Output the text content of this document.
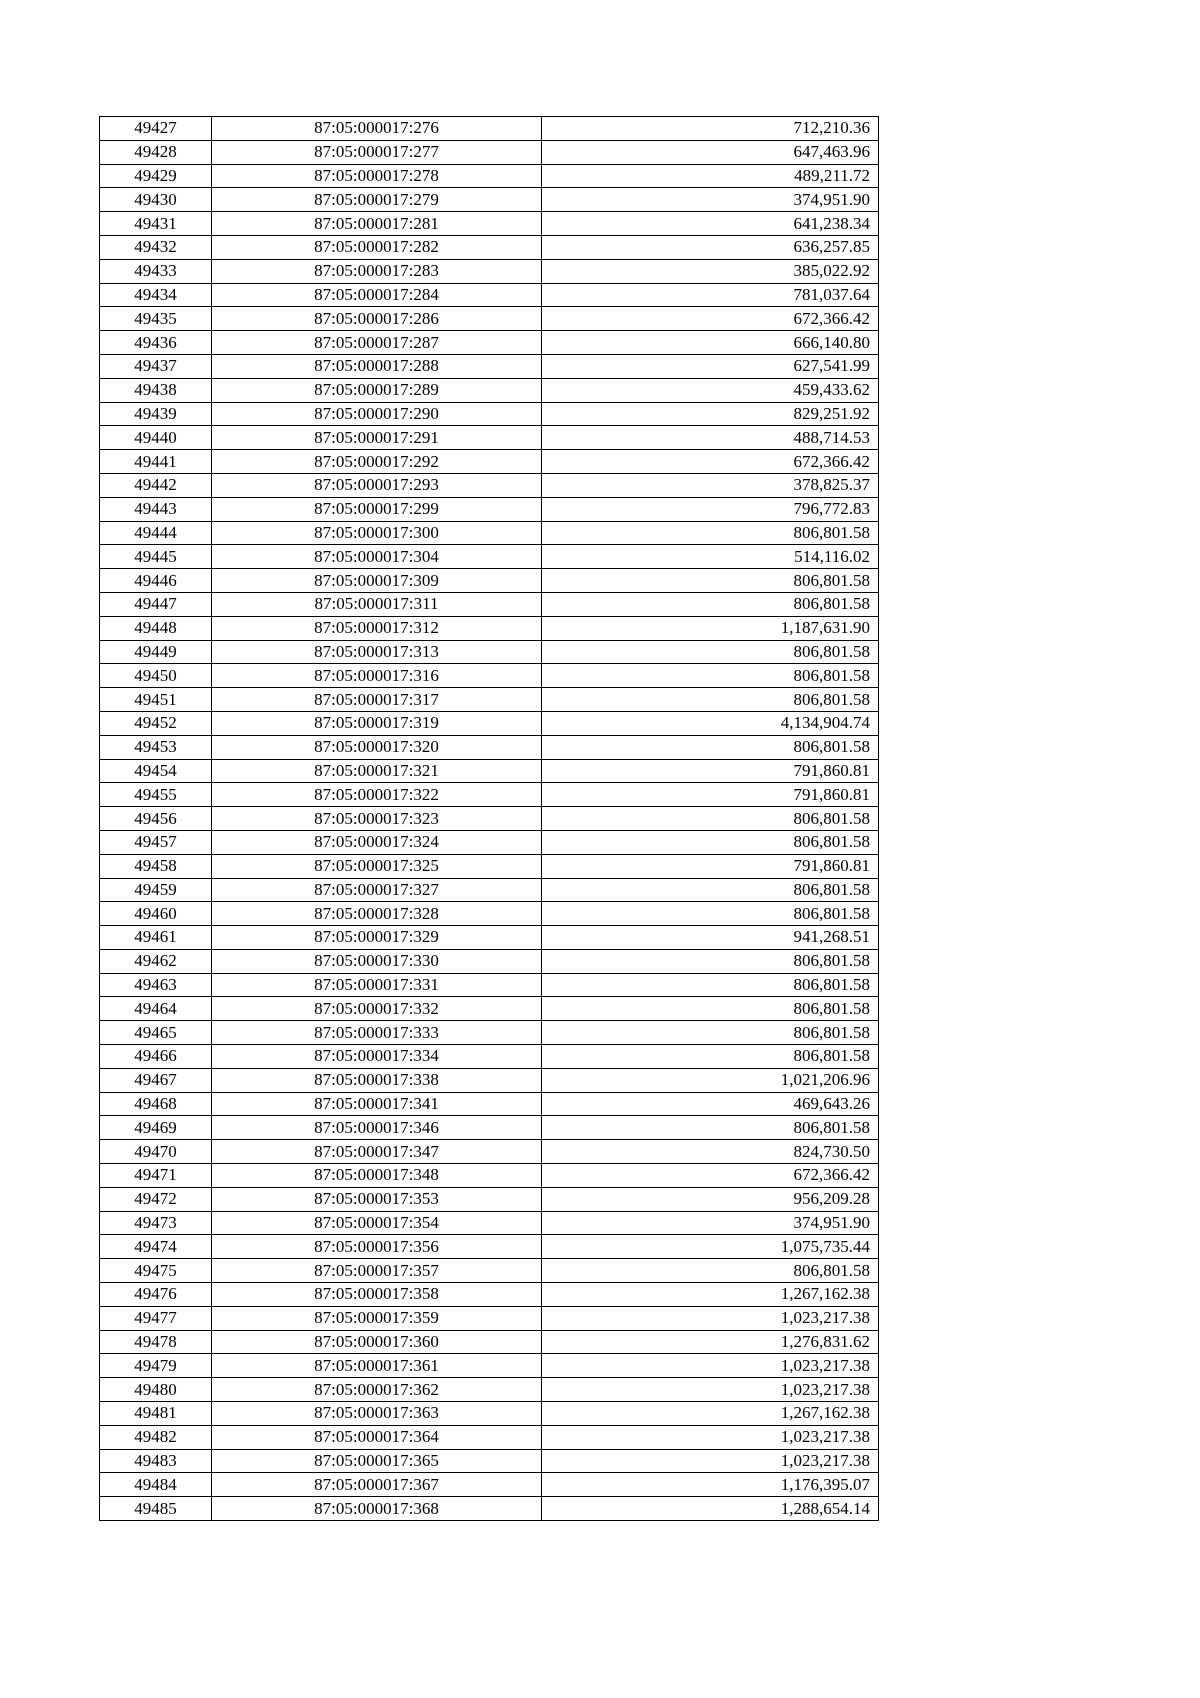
49427	87:05:000017:276	712,210.36
49428	87:05:000017:277	647,463.96
49429	87:05:000017:278	489,211.72
49430	87:05:000017:279	374,951.90
49431	87:05:000017:281	641,238.34
49432	87:05:000017:282	636,257.85
49433	87:05:000017:283	385,022.92
49434	87:05:000017:284	781,037.64
49435	87:05:000017:286	672,366.42
49436	87:05:000017:287	666,140.80
49437	87:05:000017:288	627,541.99
49438	87:05:000017:289	459,433.62
49439	87:05:000017:290	829,251.92
49440	87:05:000017:291	488,714.53
49441	87:05:000017:292	672,366.42
49442	87:05:000017:293	378,825.37
49443	87:05:000017:299	796,772.83
49444	87:05:000017:300	806,801.58
49445	87:05:000017:304	514,116.02
49446	87:05:000017:309	806,801.58
49447	87:05:000017:311	806,801.58
49448	87:05:000017:312	1,187,631.90
49449	87:05:000017:313	806,801.58
49450	87:05:000017:316	806,801.58
49451	87:05:000017:317	806,801.58
49452	87:05:000017:319	4,134,904.74
49453	87:05:000017:320	806,801.58
49454	87:05:000017:321	791,860.81
49455	87:05:000017:322	791,860.81
49456	87:05:000017:323	806,801.58
49457	87:05:000017:324	806,801.58
49458	87:05:000017:325	791,860.81
49459	87:05:000017:327	806,801.58
49460	87:05:000017:328	806,801.58
49461	87:05:000017:329	941,268.51
49462	87:05:000017:330	806,801.58
49463	87:05:000017:331	806,801.58
49464	87:05:000017:332	806,801.58
49465	87:05:000017:333	806,801.58
49466	87:05:000017:334	806,801.58
49467	87:05:000017:338	1,021,206.96
49468	87:05:000017:341	469,643.26
49469	87:05:000017:346	806,801.58
49470	87:05:000017:347	824,730.50
49471	87:05:000017:348	672,366.42
49472	87:05:000017:353	956,209.28
49473	87:05:000017:354	374,951.90
49474	87:05:000017:356	1,075,735.44
49475	87:05:000017:357	806,801.58
49476	87:05:000017:358	1,267,162.38
49477	87:05:000017:359	1,023,217.38
49478	87:05:000017:360	1,276,831.62
49479	87:05:000017:361	1,023,217.38
49480	87:05:000017:362	1,023,217.38
49481	87:05:000017:363	1,267,162.38
49482	87:05:000017:364	1,023,217.38
49483	87:05:000017:365	1,023,217.38
49484	87:05:000017:367	1,176,395.07
49485	87:05:000017:368	1,288,654.14
